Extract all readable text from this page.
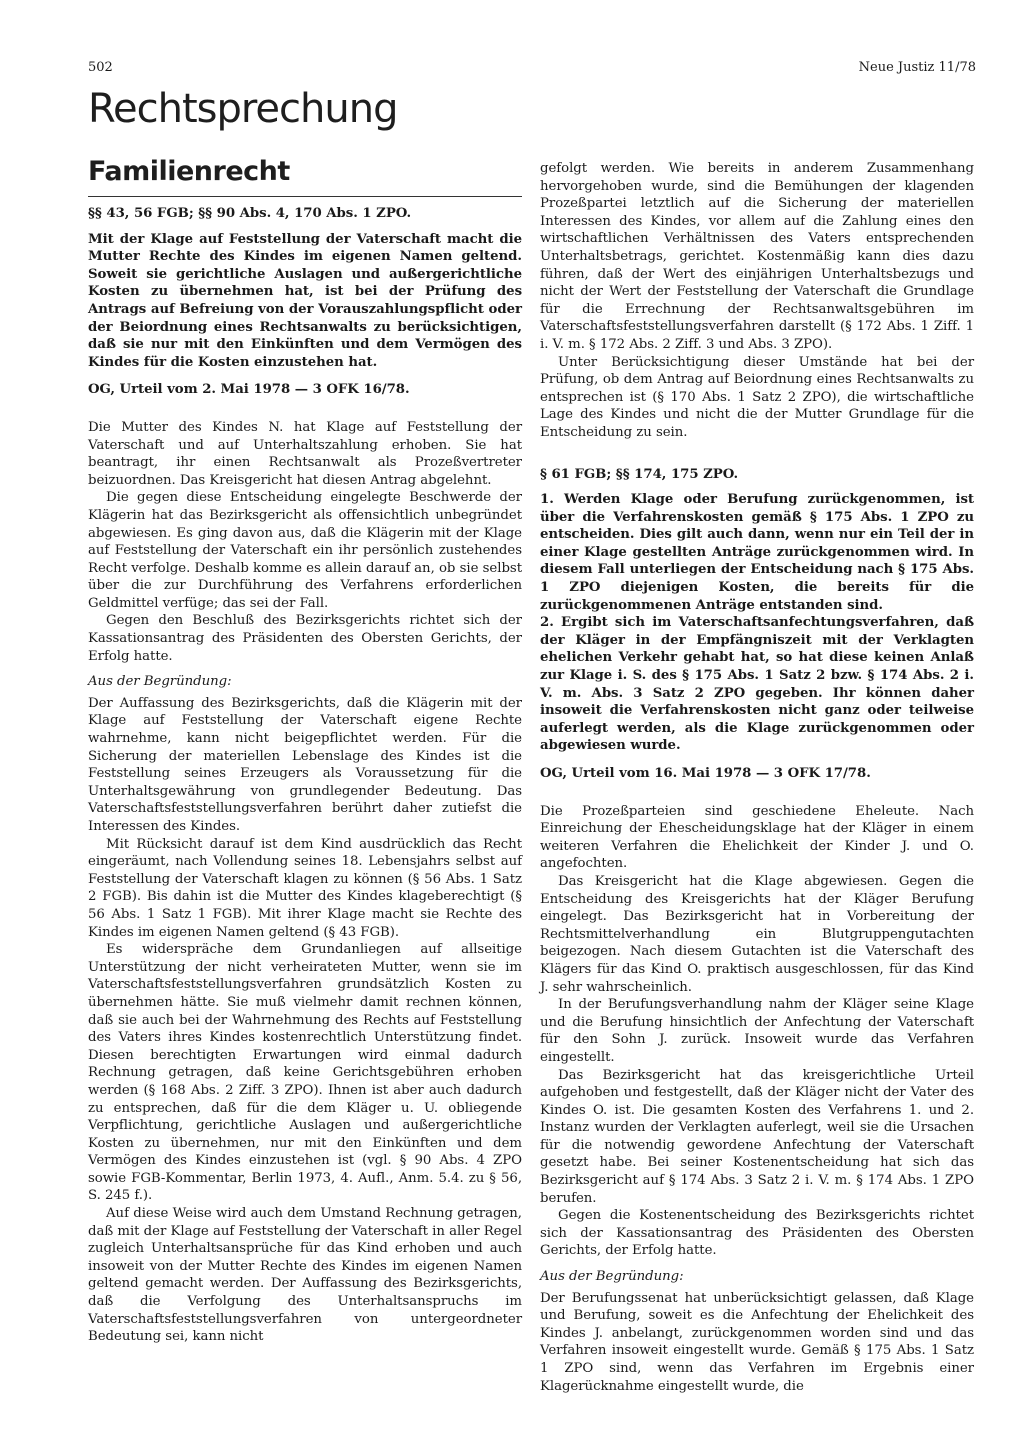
502	Neue Justiz 11/78
Rechtsprechung
Familienrecht

§§ 43, 56 FGB; §§ 90 Abs. 4, 170 Abs. 1 ZPO.

Mit der Klage auf Feststellung der Vaterschaft macht die Mutter Rechte des Kindes im eigenen Namen geltend. Soweit sie gerichtliche Auslagen und außergerichtliche Kosten zu übernehmen hat, ist bei der Prüfung des Antrags auf Befreiung von der Vorauszahlungspflicht oder der Beiordnung eines Rechtsanwalts zu berücksichtigen, daß sie nur mit den Einkünften und dem Vermögen des Kindes für die Kosten einzustehen hat.

OG, Urteil vom 2. Mai 1978 — 3 OFK 16/78.

Die Mutter des Kindes N. hat Klage auf Feststellung der Vaterschaft und auf Unterhaltszahlung erhoben. Sie hat beantragt, ihr einen Rechtsanwalt als Prozeßvertreter beizuordnen. Das Kreisgericht hat diesen Antrag abgelehnt.

Die gegen diese Entscheidung eingelegte Beschwerde der Klägerin hat das Bezirksgericht als offensichtlich unbegründet abgewiesen. Es ging davon aus, daß die Klägerin mit der Klage auf Feststellung der Vaterschaft ein ihr persönlich zustehendes Recht verfolge. Deshalb komme es allein darauf an, ob sie selbst über die zur Durchführung des Verfahrens erforderlichen Geldmittel verfüge; das sei der Fall.

Gegen den Beschluß des Bezirksgerichts richtet sich der Kassationsantrag des Präsidenten des Obersten Gerichts, der Erfolg hatte.

Aus der Begründung:

Der Auffassung des Bezirksgerichts, daß die Klägerin mit der Klage auf Feststellung der Vaterschaft eigene Rechte wahrnehme, kann nicht beigepflichtet werden. Für die Sicherung der materiellen Lebenslage des Kindes ist die Feststellung seines Erzeugers als Voraussetzung für die Unterhaltsgewährung von grundlegender Bedeutung. Das Vaterschaftsfeststellungsverfahren berührt daher zutiefst die Interessen des Kindes.

Mit Rücksicht darauf ist dem Kind ausdrücklich das Recht eingeräumt, nach Vollendung seines 18. Lebensjahrs selbst auf Feststellung der Vaterschaft klagen zu können (§ 56 Abs. 1 Satz 2 FGB). Bis dahin ist die Mutter des Kindes klageberechtigt (§ 56 Abs. 1 Satz 1 FGB). Mit ihrer Klage macht sie Rechte des Kindes im eigenen Namen geltend (§ 43 FGB).

Es widerspräche dem Grundanliegen auf allseitige Unterstützung der nicht verheirateten Mutter, wenn sie im Vaterschaftsfeststellungsverfahren grundsätzlich Kosten zu übernehmen hätte. Sie muß vielmehr damit rechnen können, daß sie auch bei der Wahrnehmung des Rechts auf Feststellung des Vaters ihres Kindes kostenrechtlich Unterstützung findet. Diesen berechtigten Erwartungen wird einmal dadurch Rechnung getragen, daß keine Gerichtsgebühren erhoben werden (§ 168 Abs. 2 Ziff. 3 ZPO). Ihnen ist aber auch dadurch zu entsprechen, daß für die dem Kläger u. U. obliegende Verpflichtung, gerichtliche Auslagen und außergerichtliche Kosten zu übernehmen, nur mit den Einkünften und dem Vermögen des Kindes einzustehen ist (vgl. § 90 Abs. 4 ZPO sowie FGB-Kommentar, Berlin 1973, 4. Aufl., Anm. 5.4. zu § 56, S. 245 f.).

Auf diese Weise wird auch dem Umstand Rechnung getragen, daß mit der Klage auf Feststellung der Vaterschaft in aller Regel zugleich Unterhaltsansprüche für das Kind erhoben und auch insoweit von der Mutter Rechte des Kindes im eigenen Namen geltend gemacht werden. Der Auffassung des Bezirksgerichts, daß die Verfolgung des Unterhaltsanspruchs im Vaterschaftsfeststellungsverfahren von untergeordneter Bedeutung sei, kann nicht

gefolgt werden. Wie bereits in anderem Zusammenhang hervorgehoben wurde, sind die Bemühungen der klagenden Prozeßpartei letztlich auf die Sicherung der materiellen Interessen des Kindes, vor allem auf die Zahlung eines den wirtschaftlichen Verhältnissen des Vaters entsprechenden Unterhaltsbetrags, gerichtet. Kostenmäßig kann dies dazu führen, daß der Wert des einjährigen Unterhaltsbezugs und nicht der Wert der Feststellung der Vaterschaft die Grundlage für die Errechnung der Rechtsanwaltsgebühren im Vaterschaftsfeststellungsverfahren darstellt (§ 172 Abs. 1 Ziff. 1 i. V. m. § 172 Abs. 2 Ziff. 3 und Abs. 3 ZPO).

Unter Berücksichtigung dieser Umstände hat bei der Prüfung, ob dem Antrag auf Beiordnung eines Rechtsanwalts zu entsprechen ist (§ 170 Abs. 1 Satz 2 ZPO), die wirtschaftliche Lage des Kindes und nicht die der Mutter Grundlage für die Entscheidung zu sein.

§ 61 FGB; §§ 174, 175 ZPO.

1. Werden Klage oder Berufung zurückgenommen, ist über die Verfahrenskosten gemäß § 175 Abs. 1 ZPO zu entscheiden. Dies gilt auch dann, wenn nur ein Teil der in einer Klage gestellten Anträge zurückgenommen wird. In diesem Fall unterliegen der Entscheidung nach § 175 Abs. 1 ZPO diejenigen Kosten, die bereits für die zurückgenommenen Anträge entstanden sind.

2. Ergibt sich im Vaterschaftsanfechtungsverfahren, daß der Kläger in der Empfängniszeit mit der Verklagten ehelichen Verkehr gehabt hat, so hat diese keinen Anlaß zur Klage i. S. des § 175 Abs. 1 Satz 2 bzw. § 174 Abs. 2 i. V. m. Abs. 3 Satz 2 ZPO gegeben. Ihr können daher insoweit die Verfahrenskosten nicht ganz oder teilweise auferlegt werden, als die Klage zurückgenommen oder abgewiesen wurde.

OG, Urteil vom 16. Mai 1978 — 3 OFK 17/78.

Die Prozeßparteien sind geschiedene Eheleute. Nach Einreichung der Ehescheidungsklage hat der Kläger in einem weiteren Verfahren die Ehelichkeit der Kinder J. und O. angefochten.

Das Kreisgericht hat die Klage abgewiesen. Gegen die Entscheidung des Kreisgerichts hat der Kläger Berufung eingelegt. Das Bezirksgericht hat in Vorbereitung der Rechtsmittelverhandlung ein Blutgruppengutachten beigezogen. Nach diesem Gutachten ist die Vaterschaft des Klägers für das Kind O. praktisch ausgeschlossen, für das Kind J. sehr wahrscheinlich.

In der Berufungsverhandlung nahm der Kläger seine Klage und die Berufung hinsichtlich der Anfechtung der Vaterschaft für den Sohn J. zurück. Insoweit wurde das Verfahren eingestellt.

Das Bezirksgericht hat das kreisgerichtliche Urteil aufgehoben und festgestellt, daß der Kläger nicht der Vater des Kindes O. ist. Die gesamten Kosten des Verfahrens 1. und 2. Instanz wurden der Verklagten auferlegt, weil sie die Ursachen für die notwendig gewordene Anfechtung der Vaterschaft gesetzt habe. Bei seiner Kostenentscheidung hat sich das Bezirksgericht auf § 174 Abs. 3 Satz 2 i. V. m. § 174 Abs. 1 ZPO berufen.

Gegen die Kostenentscheidung des Bezirksgerichts richtet sich der Kassationsantrag des Präsidenten des Obersten Gerichts, der Erfolg hatte.

Aus der Begründung:

Der Berufungssenat hat unberücksichtigt gelassen, daß Klage und Berufung, soweit es die Anfechtung der Ehelichkeit des Kindes J. anbelangt, zurückgenommen worden sind und das Verfahren insoweit eingestellt wurde. Gemäß § 175 Abs. 1 Satz 1 ZPO sind, wenn das Verfahren im Ergebnis einer Klagerücknahme eingestellt wurde, die
